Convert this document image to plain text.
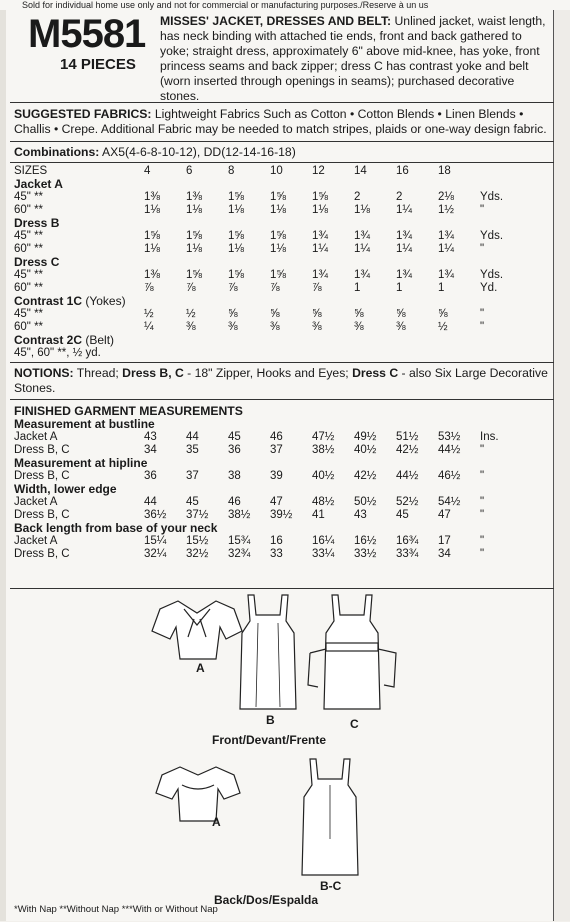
Sold for individual home use only and not for commercial or manufacturing purposes./Reserve à un us
M5581
14 PIECES
MISSES' JACKET, DRESSES AND BELT: Unlined jacket, waist length, has neck binding with attached tie ends, front and back gathered to yoke; straight dress, approximately 6" above mid-knee, has yoke, front princess seams and back zipper; dress C has contrast yoke and belt (worn inserted through openings in seams); purchased decorative stones.
SUGGESTED FABRICS: Lightweight Fabrics Such as Cotton • Cotton Blends • Linen Blends • Challis • Crepe. Additional Fabric may be needed to match stripes, plaids or one-way design fabric.
Combinations: AX5(4-6-8-10-12), DD(12-14-16-18)
SIZES	4	6	8	10	12	14	16	18	
Jacket A									
45" **	1⅜	1⅜	1⅝	1⅝	1⅝	2	2	2⅛	Yds.
60" **	1⅛	1⅛	1⅛	1⅛	1⅛	1⅛	1¼	1½	"
Dress B									
45" **	1⅝	1⅝	1⅝	1⅝	1¾	1¾	1¾	1¾	Yds.
60" **	1⅛	1⅛	1⅛	1⅛	1¼	1¼	1¼	1¼	"
Dress C									
45" **	1⅜	1⅝	1⅝	1⅝	1¾	1¾	1¾	1¾	Yds.
60" **	⅞	⅞	⅞	⅞	⅞	1	1	1	Yd.
Contrast 1C (Yokes)									
45" **	½	½	⅝	⅝	⅝	⅝	⅝	⅝	"
60" **	¼	⅜	⅜	⅜	⅜	⅜	⅜	½	"
Contrast 2C (Belt)									
45", 60" **, ½ yd.									
NOTIONS: Thread; Dress B, C - 18" Zipper, Hooks and Eyes; Dress C - also Six Large Decorative Stones.
FINISHED GARMENT MEASUREMENTS
Measurement at bustline									
Jacket A	43	44	45	46	47½	49½	51½	53½	Ins.
Dress B, C	34	35	36	37	38½	40½	42½	44½	"
Measurement at hipline									
Dress B, C	36	37	38	39	40½	42½	44½	46½	"
Width, lower edge									
Jacket A	44	45	46	47	48½	50½	52½	54½	"
Dress B, C	36½	37½	38½	39½	41	43	45	47	"
Back length from base of your neck									
Jacket A	15¼	15½	15¾	16	16¼	16½	16¾	17	"
Dress B, C	32¼	32½	32¾	33	33¼	33½	33¾	34	"
A
B	C
Front/Devant/Frente
A
B-C
Back/Dos/Espalda
*With Nap **Without Nap ***With or Without Nap
